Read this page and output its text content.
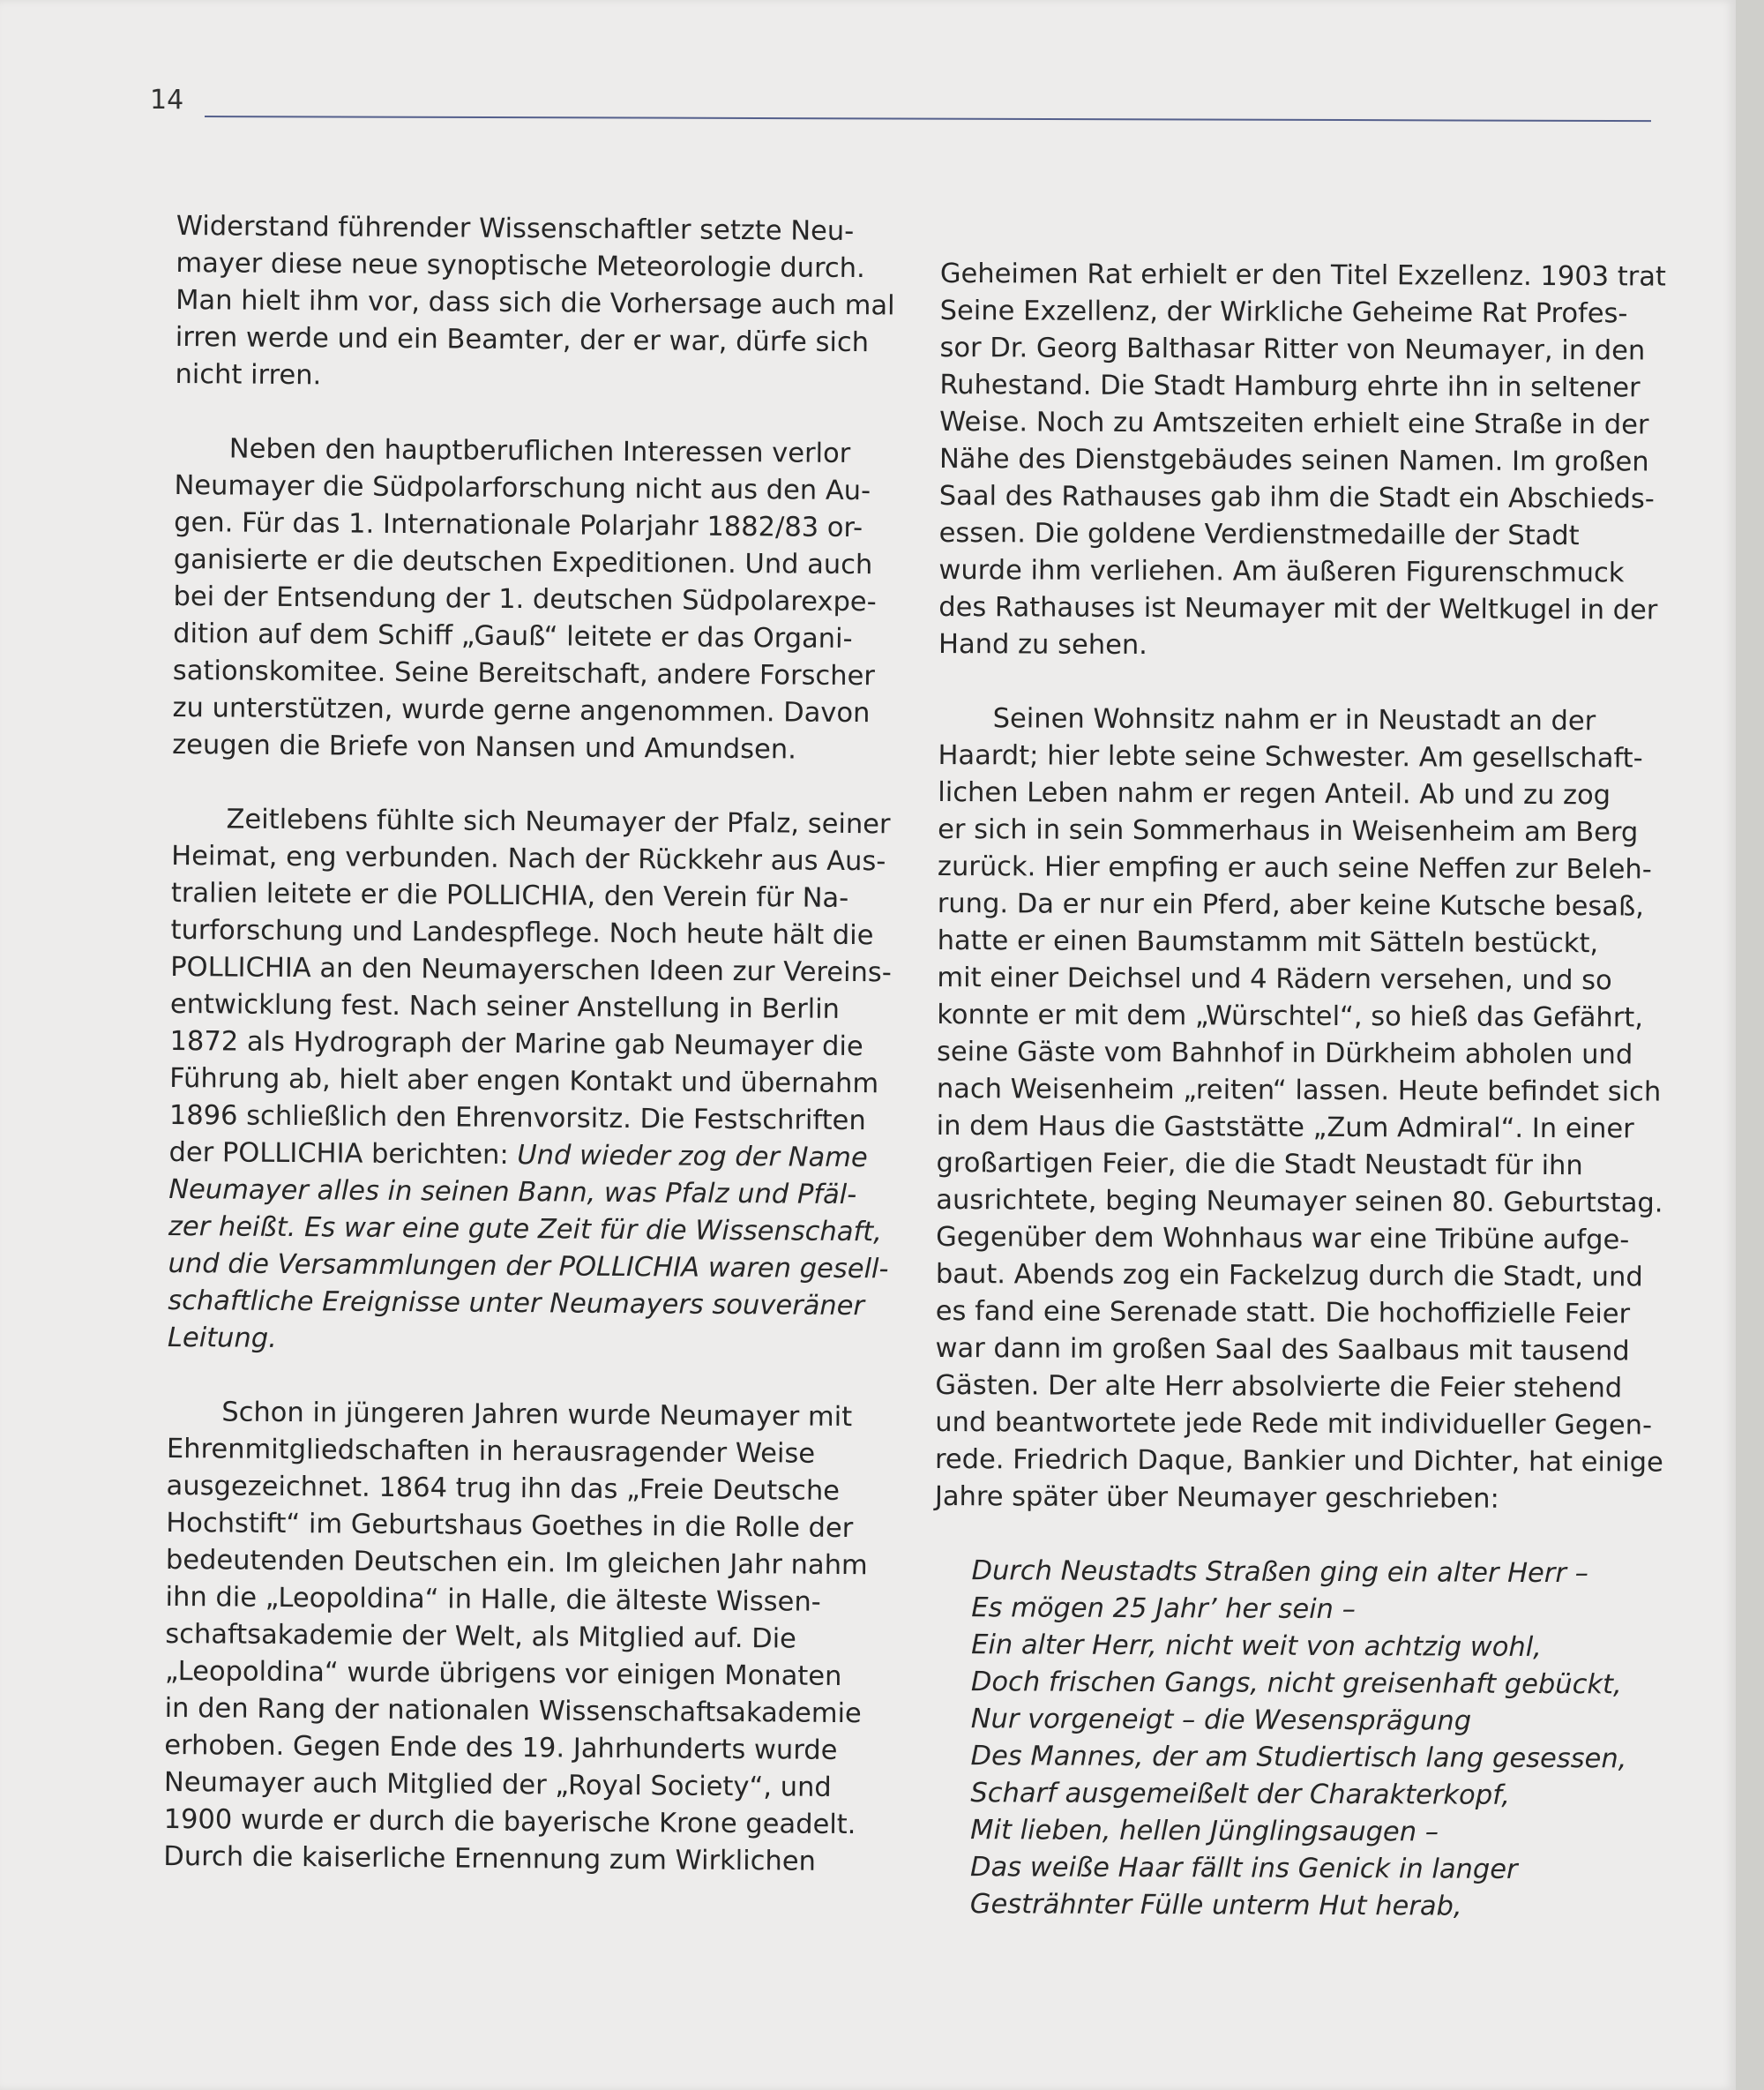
14
Widerstand führender Wissenschaftler setzte Neu-
mayer diese neue synoptische Meteorologie durch.
Man hielt ihm vor, dass sich die Vorhersage auch mal
irren werde und ein Beamter, der er war, dürfe sich
nicht irren.
Neben den hauptberuflichen Interessen verlor
Neumayer die Südpolarforschung nicht aus den Au-
gen. Für das 1. Internationale Polarjahr 1882/83 or-
ganisierte er die deutschen Expeditionen. Und auch
bei der Entsendung der 1. deutschen Südpolarexpe-
dition auf dem Schiff „Gauß“ leitete er das Organi-
sationskomitee. Seine Bereitschaft, andere Forscher
zu unterstützen, wurde gerne angenommen. Davon
zeugen die Briefe von Nansen und Amundsen.
Zeitlebens fühlte sich Neumayer der Pfalz, seiner
Heimat, eng verbunden. Nach der Rückkehr aus Aus-
tralien leitete er die POLLICHIA, den Verein für Na-
turforschung und Landespflege. Noch heute hält die
POLLICHIA an den Neumayerschen Ideen zur Vereins-
entwicklung fest. Nach seiner Anstellung in Berlin
1872 als Hydrograph der Marine gab Neumayer die
Führung ab, hielt aber engen Kontakt und übernahm
1896 schließlich den Ehrenvorsitz. Die Festschriften
der POLLICHIA berichten: Und wieder zog der Name
Neumayer alles in seinen Bann, was Pfalz und Pfäl-
zer heißt. Es war eine gute Zeit für die Wissenschaft,
und die Versammlungen der POLLICHIA waren gesell-
schaftliche Ereignisse unter Neumayers souveräner
Leitung.
Schon in jüngeren Jahren wurde Neumayer mit
Ehrenmitgliedschaften in herausragender Weise
ausgezeichnet. 1864 trug ihn das „Freie Deutsche
Hochstift“ im Geburtshaus Goethes in die Rolle der
bedeutenden Deutschen ein. Im gleichen Jahr nahm
ihn die „Leopoldina“ in Halle, die älteste Wissen-
schaftsakademie der Welt, als Mitglied auf. Die
„Leopoldina“ wurde übrigens vor einigen Monaten
in den Rang der nationalen Wissenschaftsakademie
erhoben. Gegen Ende des 19. Jahrhunderts wurde
Neumayer auch Mitglied der „Royal Society“, und
1900 wurde er durch die bayerische Krone geadelt.
Durch die kaiserliche Ernennung zum Wirklichen
Geheimen Rat erhielt er den Titel Exzellenz. 1903 trat
Seine Exzellenz, der Wirkliche Geheime Rat Profes-
sor Dr. Georg Balthasar Ritter von Neumayer, in den
Ruhestand. Die Stadt Hamburg ehrte ihn in seltener
Weise. Noch zu Amtszeiten erhielt eine Straße in der
Nähe des Dienstgebäudes seinen Namen. Im großen
Saal des Rathauses gab ihm die Stadt ein Abschieds-
essen. Die goldene Verdienstmedaille der Stadt
wurde ihm verliehen. Am äußeren Figurenschmuck
des Rathauses ist Neumayer mit der Weltkugel in der
Hand zu sehen.
Seinen Wohnsitz nahm er in Neustadt an der
Haardt; hier lebte seine Schwester. Am gesellschaft-
lichen Leben nahm er regen Anteil. Ab und zu zog
er sich in sein Sommerhaus in Weisenheim am Berg
zurück. Hier empfing er auch seine Neffen zur Beleh-
rung. Da er nur ein Pferd, aber keine Kutsche besaß,
hatte er einen Baumstamm mit Sätteln bestückt,
mit einer Deichsel und 4 Rädern versehen, und so
konnte er mit dem „Würschtel“, so hieß das Gefährt,
seine Gäste vom Bahnhof in Dürkheim abholen und
nach Weisenheim „reiten“ lassen. Heute befindet sich
in dem Haus die Gaststätte „Zum Admiral“. In einer
großartigen Feier, die die Stadt Neustadt für ihn
ausrichtete, beging Neumayer seinen 80. Geburtstag.
Gegenüber dem Wohnhaus war eine Tribüne aufge-
baut. Abends zog ein Fackelzug durch die Stadt, und
es fand eine Serenade statt. Die hochoffizielle Feier
war dann im großen Saal des Saalbaus mit tausend
Gästen. Der alte Herr absolvierte die Feier stehend
und beantwortete jede Rede mit individueller Gegen-
rede. Friedrich Daque, Bankier und Dichter, hat einige
Jahre später über Neumayer geschrieben:
Durch Neustadts Straßen ging ein alter Herr –
Es mögen 25 Jahr’ her sein –
Ein alter Herr, nicht weit von achtzig wohl,
Doch frischen Gangs, nicht greisenhaft gebückt,
Nur vorgeneigt – die Wesensprägung
Des Mannes, der am Studiertisch lang gesessen,
Scharf ausgemeißelt der Charakterkopf,
Mit lieben, hellen Jünglingsaugen –
Das weiße Haar fällt ins Genick in langer
Gesträhnter Fülle unterm Hut herab,
